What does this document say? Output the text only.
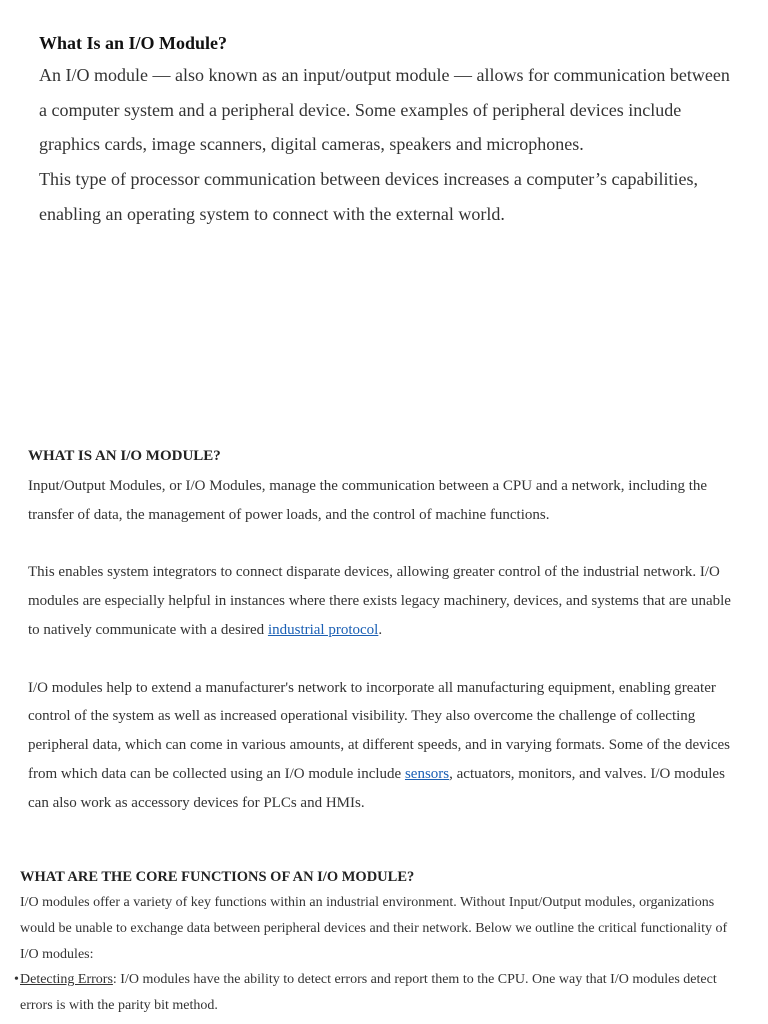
What Is an I/O Module?

An I/O module — also known as an input/output module — allows for communication between a computer system and a peripheral device. Some examples of peripheral devices include graphics cards, image scanners, digital cameras, speakers and microphones.

This type of processor communication between devices increases a computer’s capabilities, enabling an operating system to connect with the external world.

WHAT IS AN I/O MODULE?

Input/Output Modules, or I/O Modules, manage the communication between a CPU and a network, including the transfer of data, the management of power loads, and the control of machine functions.

This enables system integrators to connect disparate devices, allowing greater control of the industrial network. I/O modules are especially helpful in instances where there exists legacy machinery, devices, and systems that are unable to natively communicate with a desired industrial protocol.

I/O modules help to extend a manufacturer's network to incorporate all manufacturing equipment, enabling greater control of the system as well as increased operational visibility. They also overcome the challenge of collecting peripheral data, which can come in various amounts, at different speeds, and in varying formats. Some of the devices from which data can be collected using an I/O module include sensors, actuators, monitors, and valves. I/O modules can also work as accessory devices for PLCs and HMIs.

WHAT ARE THE CORE FUNCTIONS OF AN I/O MODULE?

I/O modules offer a variety of key functions within an industrial environment. Without Input/Output modules, organizations would be unable to exchange data between peripheral devices and their network. Below we outline the critical functionality of I/O modules:

• Detecting Errors: I/O modules have the ability to detect errors and report them to the CPU. One way that I/O modules detect errors is with the parity bit method.
